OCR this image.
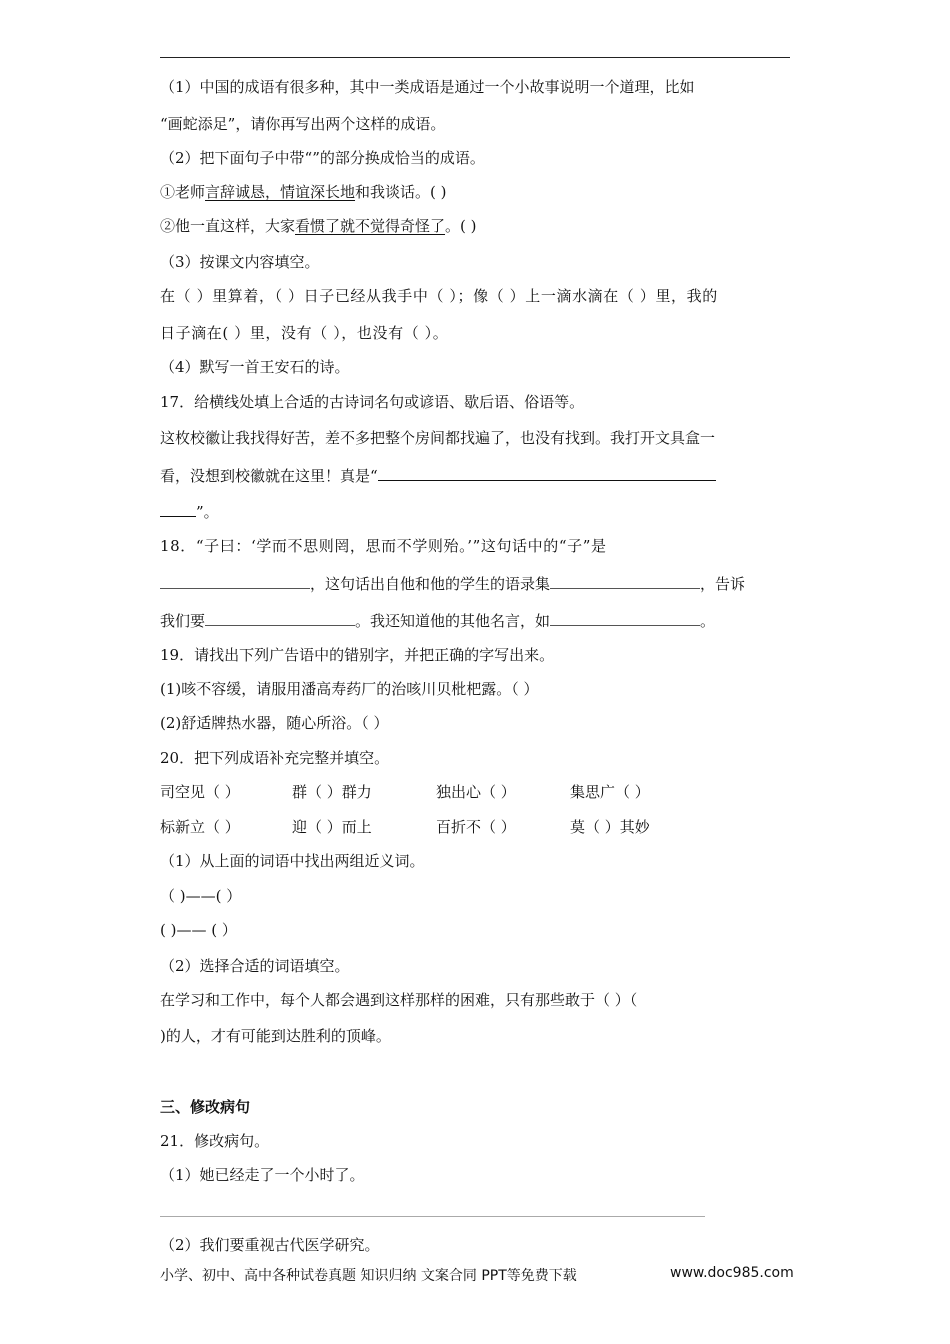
（1）中国的成语有很多种，其中一类成语是通过一个小故事说明一个道理，比如
“画蛇添足”，请你再写出两个这样的成语。
（2）把下面句子中带“”的部分换成恰当的成语。
①老师言辞诚恳，情谊深长地和我谈话。( )
②他一直这样，大家看惯了就不觉得奇怪了。( )
（3）按课文内容填空。
在（ ）里算着，（ ）日子已经从我手中（ ）；像（ ）上一滴水滴在（ ）里，我的
日子滴在( ）里，没有（ ），也没有（ ）。
（4）默写一首王安石的诗。
17．给横线处填上合适的古诗词名句或谚语、歇后语、俗语等。
这枚校徽让我找得好苦，差不多把整个房间都找遍了，也没有找到。我打开文具盒一
看，没想到校徽就在这里！真是“
”。
18．“子曰：‘学而不思则罔，思而不学则殆。’”这句话中的“子”是
，这句话出自他和他的学生的语录集	，告诉
我们要	。我还知道他的其他名言，如	。
19．请找出下列广告语中的错别字，并把正确的字写出来。
(1)咳不容缓，请服用潘高寿药厂的治咳川贝枇杷露。（ ）
(2)舒适牌热水器，随心所浴。（ ）
20．把下列成语补充完整并填空。
司空见（ ）	群（ ）群力	独出心（ ）	集思广（ ）
标新立（ ）	迎（ ）而上	百折不（ ）	莫（ ）其妙
（1）从上面的词语中找出两组近义词。
（ )——( ）
( )—— ( ）
（2）选择合适的词语填空。
在学习和工作中，每个人都会遇到这样那样的困难，只有那些敢于（ ）（
)的人，才有可能到达胜利的顶峰。
三、修改病句
21．修改病句。
（1）她已经走了一个小时了。
（2）我们要重视古代医学研究。
小学、初中、高中各种试卷真题 知识归纳 文案合同 PPT等免费下载	www.doc985.com
